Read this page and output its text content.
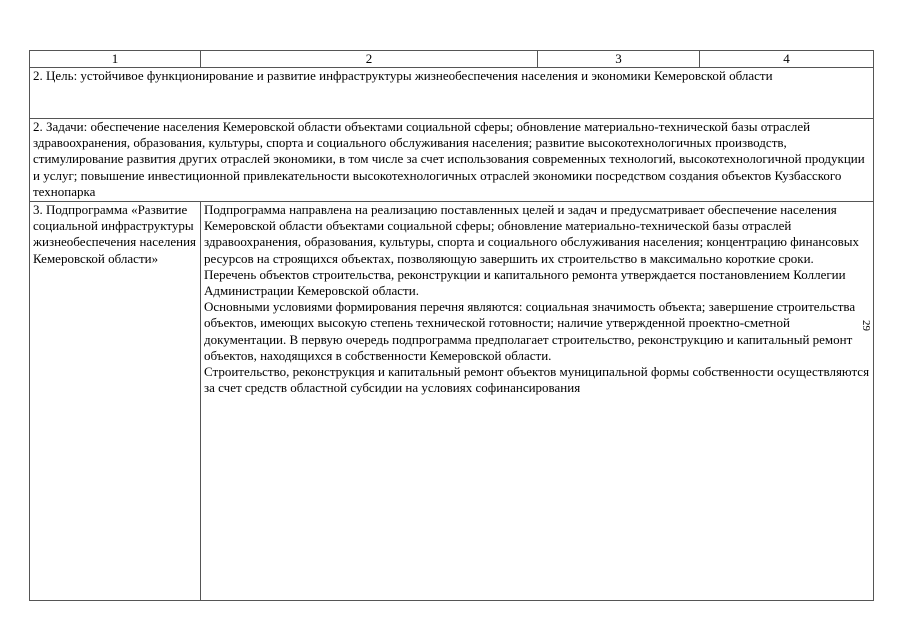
1	2	3	4
2. Цель: устойчивое функционирование и развитие инфраструктуры жизнеобеспечения населения и экономики Кемеровской области			
2. Задачи: обеспечение населения Кемеровской области объектами социальной сферы; обновление материально-технической базы отраслей здравоохранения, образования, культуры, спорта и социального обслуживания населения; развитие высокотехнологичных производств, стимулирование развития других отраслей экономики, в том числе за счет использования современных технологий, высокотехнологичной продукции и услуг; повышение инвестиционной привлекательности высокотехнологичных отраслей экономики посредством создания объектов Кузбасского технопарка			
3. Подпрограмма «Развитие социальной инфраструктуры жизнеобеспечения населения Кемеровской области»	Подпрограмма направлена на реализацию поставленных целей и задач и предусматривает обеспечение населения Кемеровской области объектами социальной сферы; обновление материально-технической базы отраслей здравоохранения, образования, культуры, спорта и социального обслуживания населения; концентрацию финансовых ресурсов на строящихся объектах, позволяющую завершить их строительство в максимально короткие сроки.
Перечень объектов строительства, реконструкции и капитального ремонта утверждается постановлением Коллегии Администрации Кемеровской области.
Основными условиями формирования перечня являются: социальная значимость объекта; завершение строительства объектов, имеющих высокую степень технической готовности; наличие утвержденной проектно-сметной документации. В первую очередь подпрограмма предполагает строительство, реконструкцию и капитальный ремонт объектов, находящихся в собственности Кемеровской области.
Строительство, реконструкция и капитальный ремонт объектов муниципальной формы собственности осуществляются за счет средств областной субсидии на условиях софинансирования		
29
